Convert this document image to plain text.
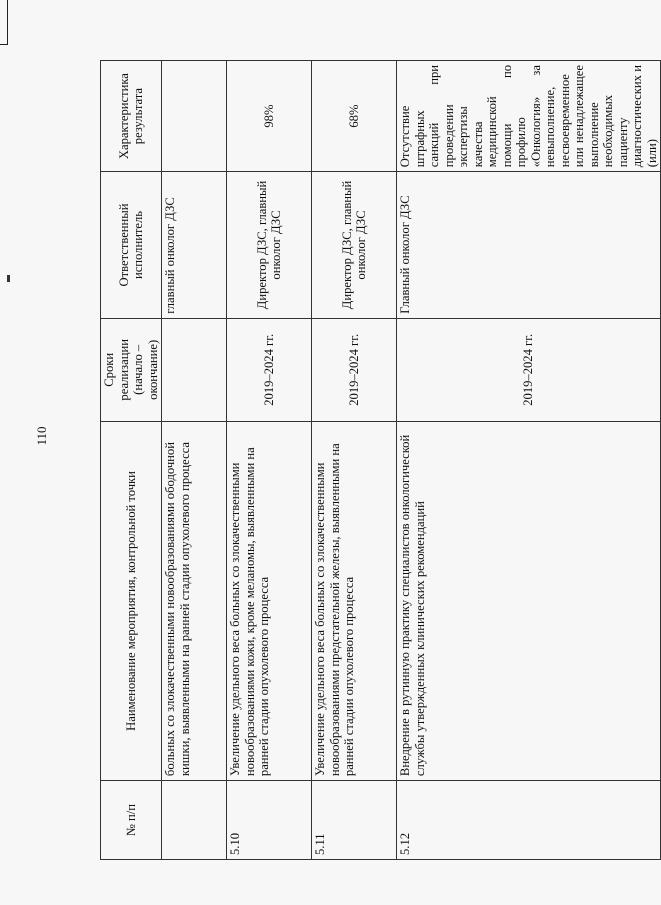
110
№ п/п	Наименование мероприятия, контрольной точки	Сроки реализации (начало – окончание)	Ответственный исполнитель	Характеристика результата
	больных со злокачественными новообразованиями ободочной кишки, выявленными на ранней стадии опухолевого процесса		главный онколог ДЗС	
5.10	Увеличение удельного веса больных со злокачественными новообразованиями кожи, кроме меланомы, выявленными на ранней стадии опухолевого процесса	2019–2024 гг.	Директор ДЗС, главный онколог ДЗС	98%
5.11	Увеличение удельного веса больных со злокачественными новообразованиями предстательной железы, выявленными на ранней стадии опухолевого процесса	2019–2024 гг.	Директор ДЗС, главный онколог ДЗС	68%
5.12	Внедрение в рутинную практику специалистов онкологической службы утвержденных клинических рекомендаций	2019–2024 гг.	Главный онколог ДЗС	Отсутствие штрафных санкций при проведении экспертизы качества медицинской помощи по профилю «Онкология» за невыполнение, несвоевременное или ненадлежащее выполнение необходимых пациенту диагностических и (или)
